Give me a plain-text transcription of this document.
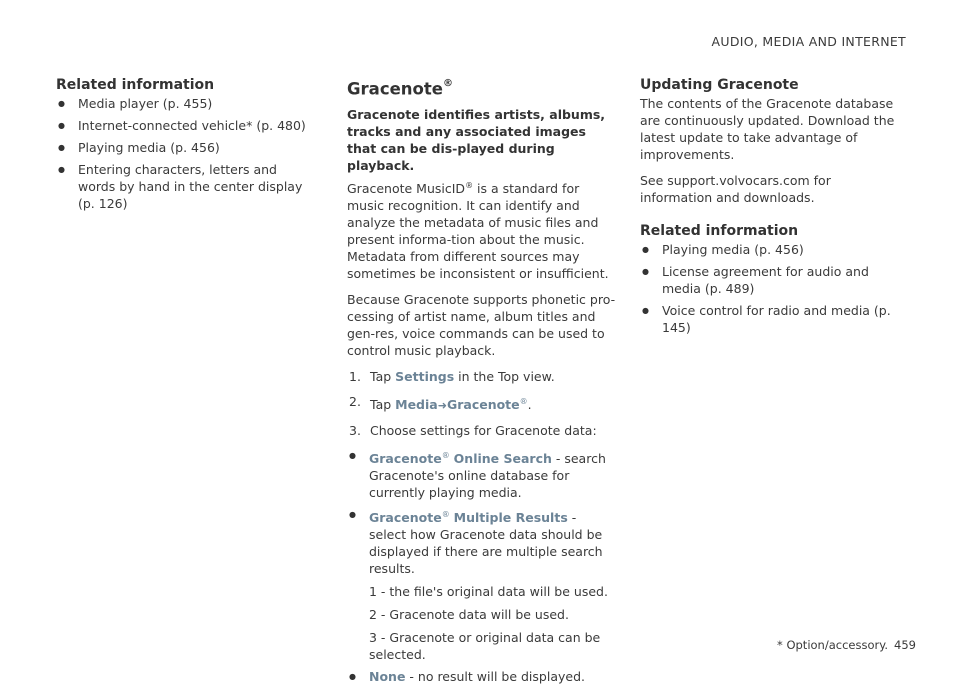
AUDIO, MEDIA AND INTERNET
Related information
● Media player (p. 455)
● Internet-connected vehicle* (p. 480)
● Playing media (p. 456)
● Entering characters, letters and words by hand in the center display (p. 126)
Gracenote®

Gracenote identifies artists, albums, tracks and any associated images that can be dis-played during playback.

Gracenote MusicID® is a standard for music recognition. It can identify and analyze the metadata of music files and present informa-tion about the music. Metadata from different sources may sometimes be inconsistent or insufficient.

Because Gracenote supports phonetic pro-cessing of artist name, album titles and gen-res, voice commands can be used to control music playback.

1. Tap Settings in the Top view.
2. Tap Media➜Gracenote®.
3. Choose settings for Gracenote data:
● Gracenote® Online Search - search Gracenote's online database for currently playing media.
● Gracenote® Multiple Results - select how Gracenote data should be displayed if there are multiple search results.
1 - the file's original data will be used.
2 - Gracenote data will be used.
3 - Gracenote or original data can be selected.
● None - no result will be displayed.
Updating Gracenote

The contents of the Gracenote database are continuously updated. Download the latest update to take advantage of improvements.

See support.volvocars.com for information and downloads.

Related information
● Playing media (p. 456)
● License agreement for audio and media (p. 489)
● Voice control for radio and media (p. 145)
* Option/accessory. 459
